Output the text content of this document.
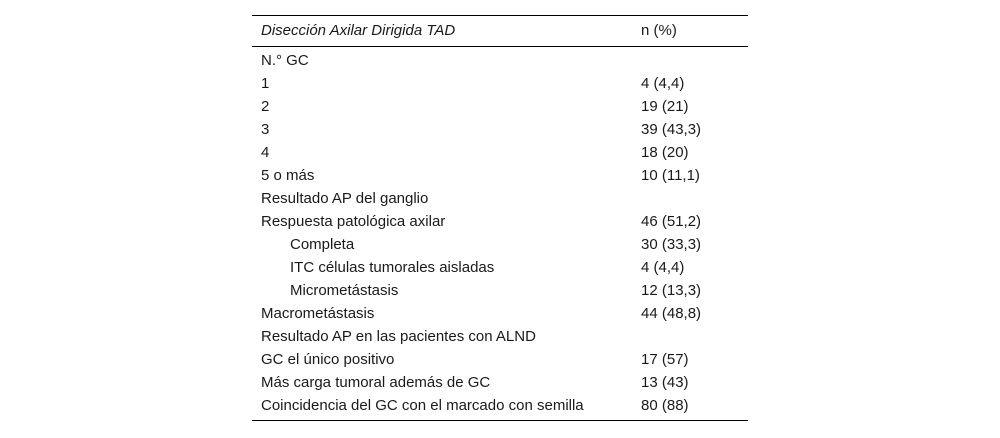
Disección Axilar Dirigida TAD	n (%)
N.° GC
1	4 (4,4)
2	19 (21)
3	39 (43,3)
4	18 (20)
5 o más	10 (11,1)
Resultado AP del ganglio
Respuesta patológica axilar	46 (51,2)
Completa	30 (33,3)
ITC células tumorales aisladas	4 (4,4)
Micrometástasis	12 (13,3)
Macrometástasis	44 (48,8)
Resultado AP en las pacientes con ALND
GC el único positivo	17 (57)
Más carga tumoral además de GC	13 (43)
Coincidencia del GC con el marcado con semilla	80 (88)
